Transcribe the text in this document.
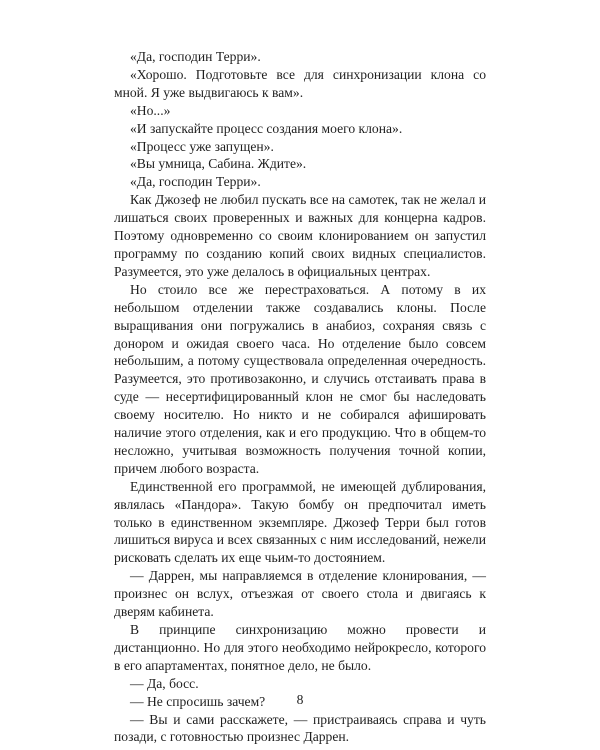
«Да, господин Терри».

«Хорошо. Подготовьте все для синхронизации клона со мной. Я уже выдвигаюсь к вам».

«Но...»

«И запускайте процесс создания моего клона».

«Процесс уже запущен».

«Вы умница, Сабина. Ждите».

«Да, господин Терри».

Как Джозеф не любил пускать все на самотек, так не желал и лишаться своих проверенных и важных для концерна кадров. Поэтому одновременно со своим клонированием он запустил программу по созданию копий своих видных специалистов. Разумеется, это уже делалось в официальных центрах.

Но стоило все же перестраховаться. А потому в их небольшом отделении также создавались клоны. После выращивания они погружались в анабиоз, сохраняя связь с донором и ожидая своего часа. Но отделение было совсем небольшим, а потому существовала определенная очередность. Разумеется, это противозаконно, и случись отстаивать права в суде — несертифицированный клон не смог бы наследовать своему носителю. Но никто и не собирался афишировать наличие этого отделения, как и его продукцию. Что в общем-то несложно, учитывая возможность получения точной копии, причем любого возраста.

Единственной его программой, не имеющей дублирования, являлась «Пандора». Такую бомбу он предпочитал иметь только в единственном экземпляре. Джозеф Терри был готов лишиться вируса и всех связанных с ним исследований, нежели рисковать сделать их еще чьим-то достоянием.

— Даррен, мы направляемся в отделение клонирования, — произнес он вслух, отъезжая от своего стола и двигаясь к дверям кабинета.

В принципе синхронизацию можно провести и дистанционно. Но для этого необходимо нейрокресло, которого в его апартаментах, понятное дело, не было.

— Да, босс.

— Не спросишь зачем?

— Вы и сами расскажете, — пристраиваясь справа и чуть позади, с готовностью произнес Даррен.

8
